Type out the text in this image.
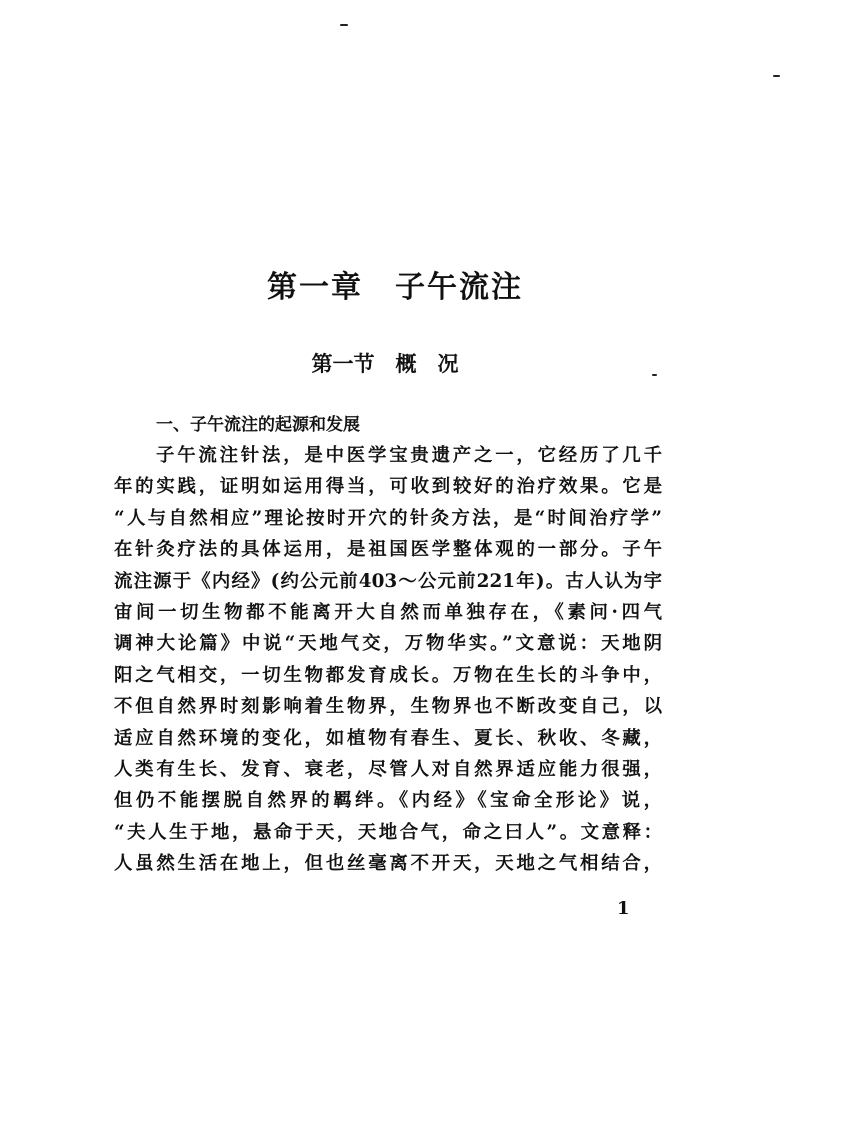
第一章　子午流注
第一节　概　况
一、子午流注的起源和发展
子午流注针法，是中医学宝贵遗产之一，它经历了几千
年的实践，证明如运用得当，可收到较好的治疗效果。它是
“人与自然相应”理论按时开穴的针灸方法，是“时间治疗学”
在针灸疗法的具体运用，是祖国医学整体观的一部分。子午
流注源于《内经》(约公元前403～公元前221年)。古人认为宇
宙间一切生物都不能离开大自然而单独存在，《素问·四气
调神大论篇》中说“天地气交，万物华实。”文意说：天地阴
阳之气相交，一切生物都发育成长。万物在生长的斗争中，
不但自然界时刻影响着生物界，生物界也不断改变自己，以
适应自然环境的变化，如植物有春生、夏长、秋收、冬藏，
人类有生长、发育、衰老，尽管人对自然界适应能力很强，
但仍不能摆脱自然界的羁绊。《内经》《宝命全形论》说，
“夫人生于地，悬命于天，天地合气，命之曰人”。文意释：
人虽然生活在地上，但也丝毫离不开天，天地之气相结合，
1
